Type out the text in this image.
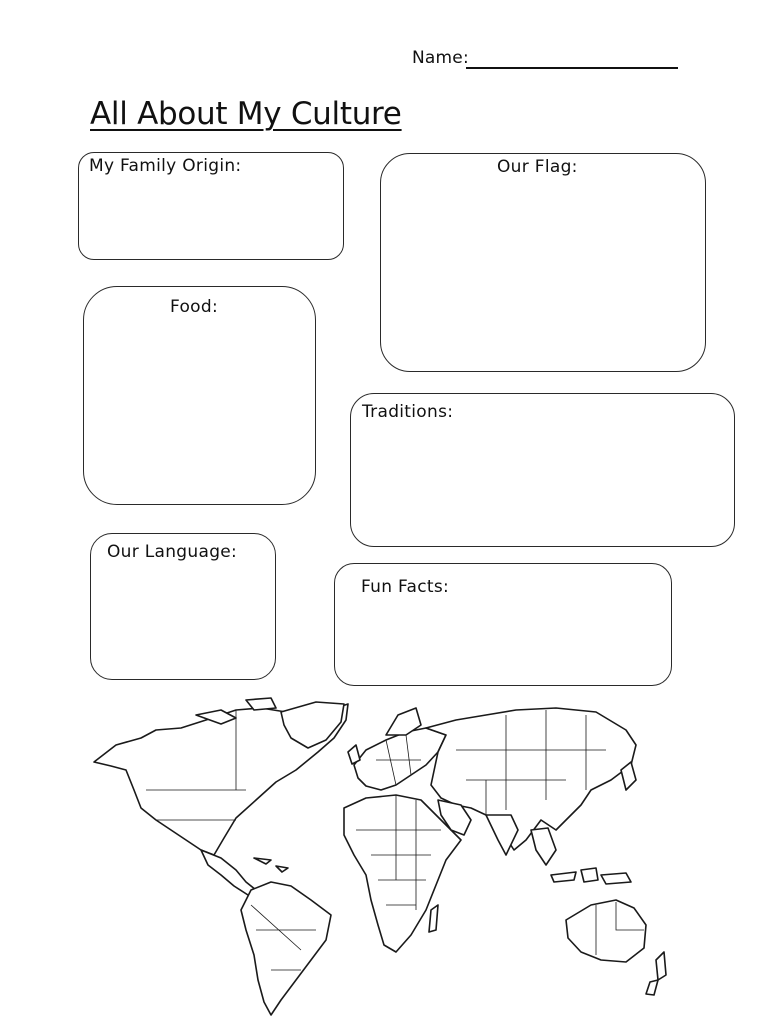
Name:
All About My Culture
My Family Origin:	Our Flag:
Food:
Traditions:
Our Language:
Fun Facts:
